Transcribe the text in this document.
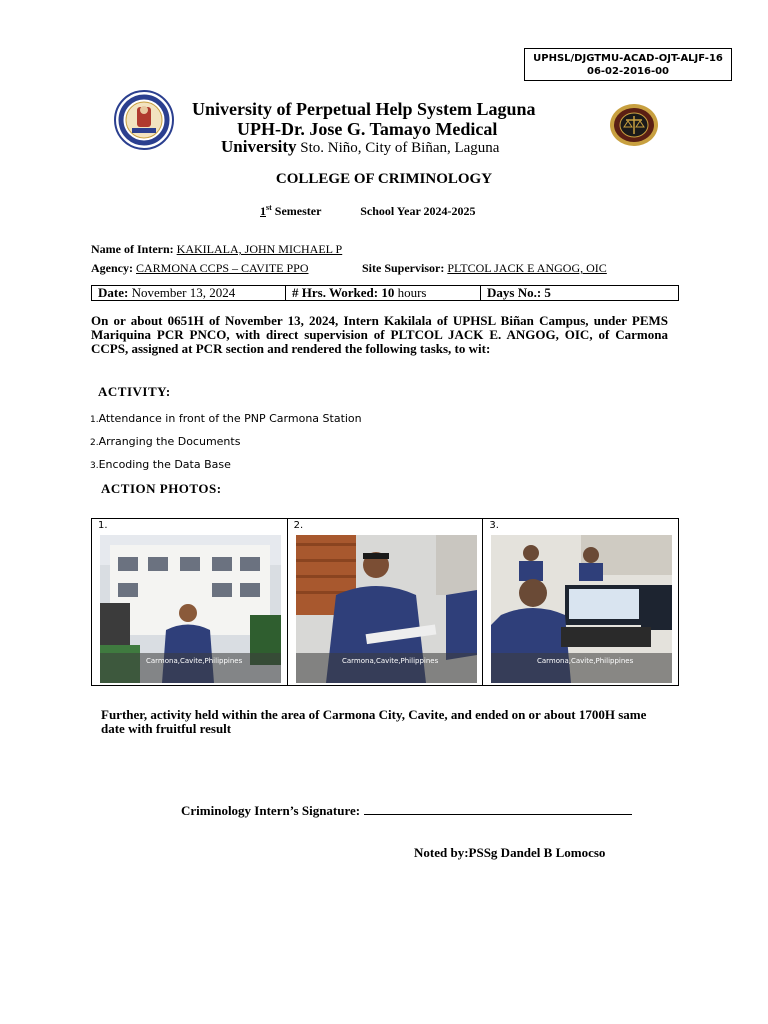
UPHSL/DJGTMU-ACAD-OJT-ALJF-16
06-02-2016-00
University of Perpetual Help System Laguna
UPH-Dr. Jose G. Tamayo Medical
University Sto. Niño, City of Biñan, Laguna
COLLEGE OF CRIMINOLOGY
1st Semester	School Year 2024-2025
Name of Intern: KAKILALA, JOHN MICHAEL P
Agency: CARMONA CCPS – CAVITE PPO	Site Supervisor: PLTCOL JACK E ANGOG, OIC
Date: November 13, 2024	# Hrs. Worked: 10 hours	Days No.: 5
On or about 0651H of November 13, 2024, Intern Kakilala of UPHSL Biñan Campus, under PEMS Mariquina PCR PNCO, with direct supervision of PLTCOL JACK E. ANGOG, OIC, of Carmona CCPS, assigned at PCR section and rendered the following tasks, to wit:
ACTIVITY:
1.Attendance in front of the PNP Carmona Station
2.Arranging the Documents
3.Encoding the Data Base
ACTION PHOTOS:
1.
Carmona,Cavite,Philippines
2.
Carmona,Cavite,Philippines
3.
Carmona,Cavite,Philippines
Further, activity held within the area of Carmona City, Cavite, and ended on or about 1700H same date with fruitful result
Criminology Intern’s Signature:
Noted by:PSSg Dandel B Lomocso
